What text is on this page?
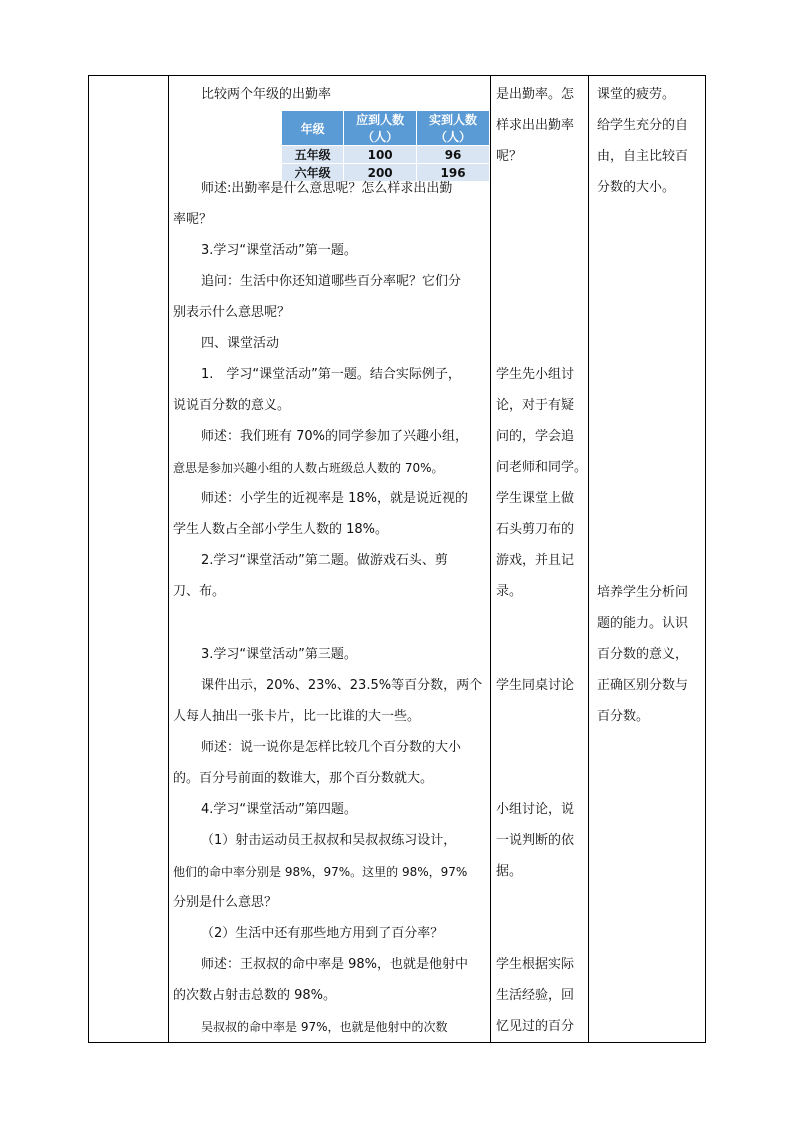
比较两个年级的出勤率
年级	应到人数（人）	实到人数（人）
五年级	100	96
六年级	200	196
师述:出勤率是什么意思呢？怎么样求出出勤
率呢？
3.学习“课堂活动”第一题。
追问：生活中你还知道哪些百分率呢？它们分
别表示什么意思呢？
四、课堂活动
1.　学习“课堂活动”第一题。结合实际例子，
说说百分数的意义。
师述：我们班有 70%的同学参加了兴趣小组，
意思是参加兴趣小组的人数占班级总人数的 70%。
师述：小学生的近视率是 18%，就是说近视的
学生人数占全部小学生人数的 18%。
2.学习“课堂活动”第二题。做游戏石头、剪
刀、布。
3.学习“课堂活动”第三题。
课件出示，20%、23%、23.5%等百分数，两个
人每人抽出一张卡片，比一比谁的大一些。
师述：说一说你是怎样比较几个百分数的大小
的。百分号前面的数谁大，那个百分数就大。
4.学习“课堂活动”第四题。
（1）射击运动员王叔叔和吴叔叔练习设计，
他们的命中率分别是 98%，97%。这里的 98%，97%
分别是什么意思？
（2）生活中还有那些地方用到了百分率？
师述：王叔叔的命中率是 98%，也就是他射中
的次数占射击总数的 98%。
吴叔叔的命中率是 97%，也就是他射中的次数
是出勤率。怎
样求出出勤率
呢？
学生先小组讨
论，对于有疑
问的，学会追
问老师和同学。
学生课堂上做
石头剪刀布的
游戏，并且记
录。
学生同桌讨论
小组讨论，说
一说判断的依
据。
学生根据实际
生活经验，回
忆见过的百分
课堂的疲劳。
给学生充分的自
由，自主比较百
分数的大小。
培养学生分析问
题的能力。认识
百分数的意义，
正确区别分数与
百分数。
